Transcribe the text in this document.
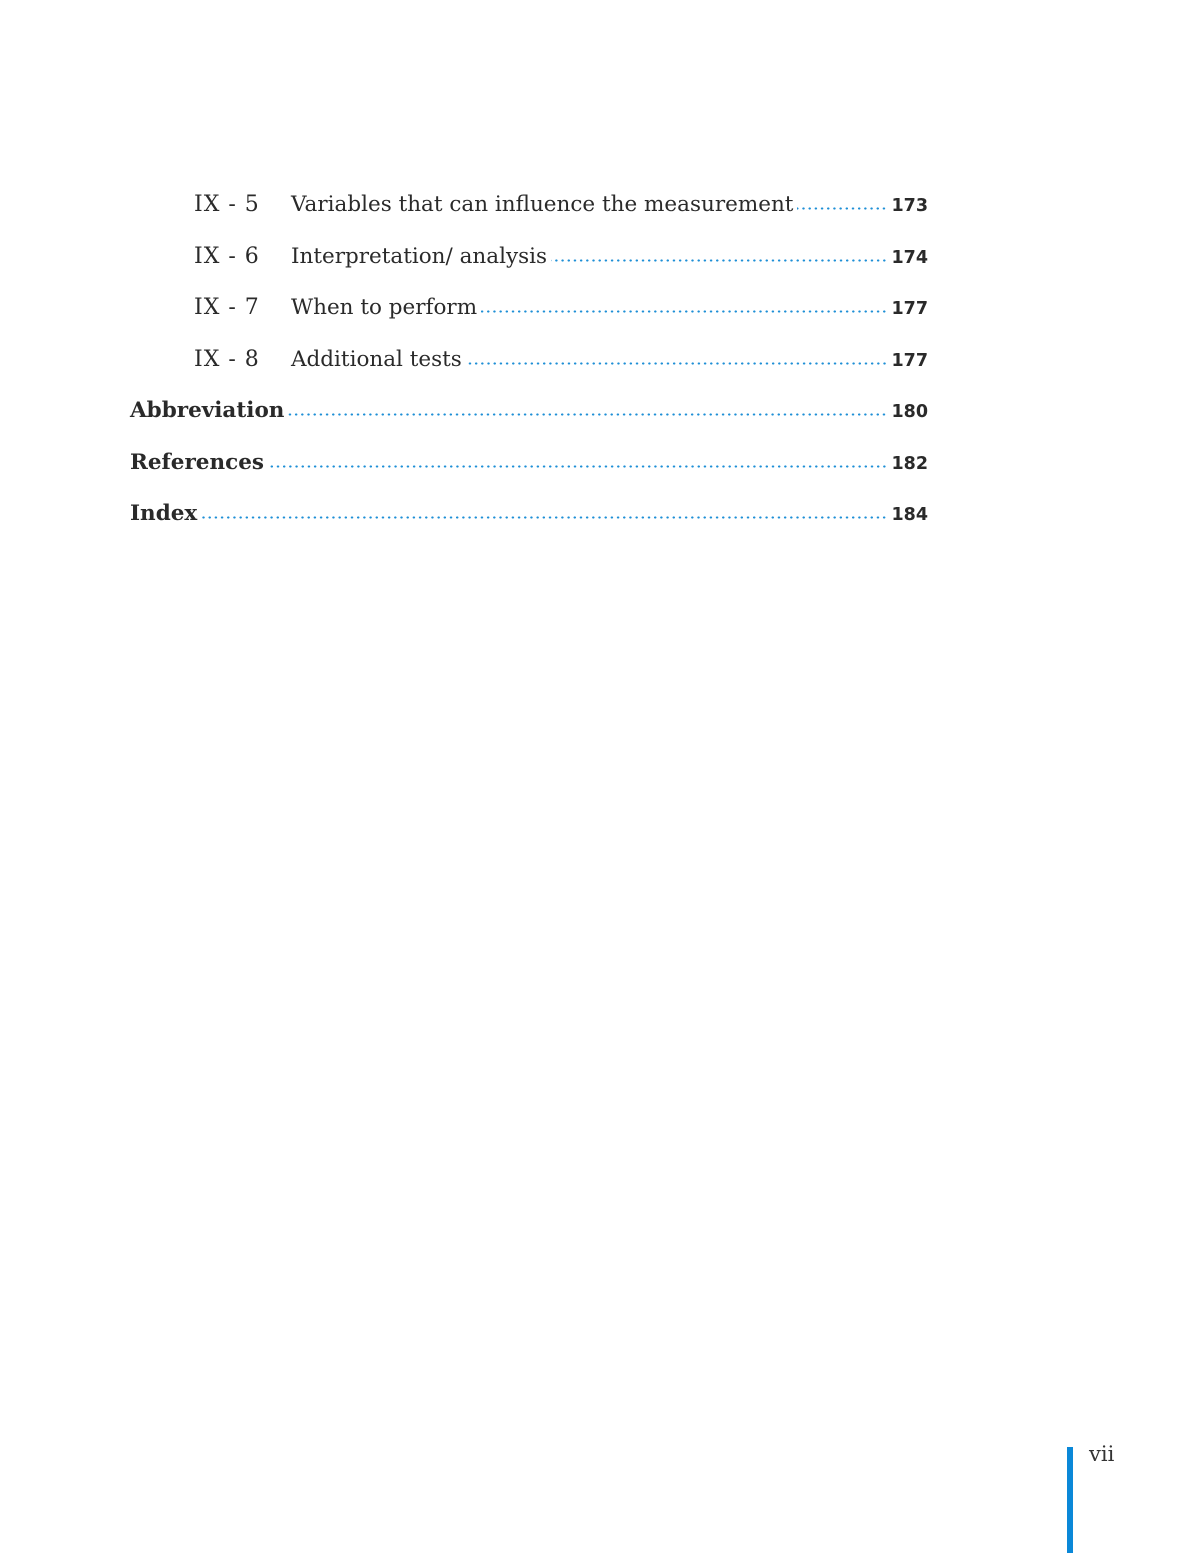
IX - 5	Variables that can influence the measurement	173
IX - 6	Interpretation/ analysis	174
IX - 7	When to perform	177
IX - 8	Additional tests	177
Abbreviation	180
References	182
Index	184
vii
